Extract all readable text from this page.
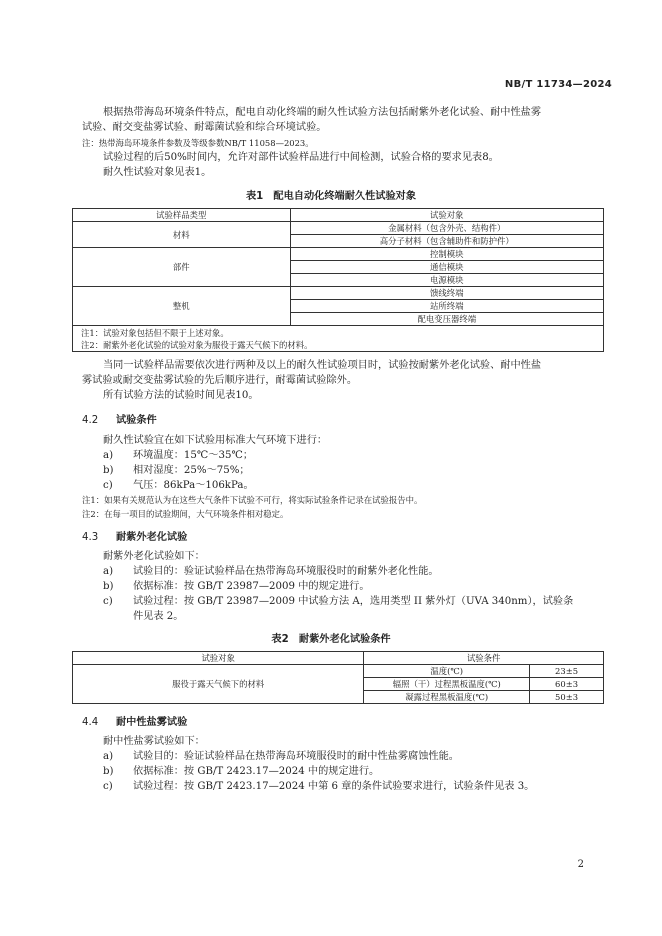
NB/T 11734—2024
根据热带海岛环境条件特点，配电自动化终端的耐久性试验方法包括耐紫外老化试验、耐中性盐雾
试验、耐交变盐雾试验、耐霉菌试验和综合环境试验。
注：热带海岛环境条件参数及等级参数NB/T 11058—2023。
试验过程的后50%时间内，允许对部件试验样品进行中间检测，试验合格的要求见表8。
耐久性试验对象见表1。
表1　配电自动化终端耐久性试验对象
试验样品类型	试验对象
材料	金属材料（包含外壳、结构件）
	高分子材料（包含辅助件和防护件）
部件	控制模块
	通信模块
	电源模块
整机	馈线终端
	站所终端
	配电变压器终端

注1：试验对象包括但不限于上述对象。
注2：耐紫外老化试验的试验对象为服役于露天气候下的材料。	
当同一试验样品需要依次进行两种及以上的耐久性试验项目时，试验按耐紫外老化试验、耐中性盐
雾试验或耐交变盐雾试验的先后顺序进行，耐霉菌试验除外。
所有试验方法的试验时间见表10。
4.2 试验条件
耐久性试验宜在如下试验用标准大气环境下进行：
a) 环境温度：15℃～35℃；
b) 相对湿度：25%～75%；
c) 气压：86kPa～106kPa。
注1：如果有关规范认为在这些大气条件下试验不可行，将实际试验条件记录在试验报告中。
注2：在每一项目的试验期间，大气环境条件相对稳定。
4.3 耐紫外老化试验
耐紫外老化试验如下：
a) 试验目的：验证试验样品在热带海岛环境服役时的耐紫外老化性能。
b) 依据标准：按 GB/T 23987—2009 中的规定进行。
c) 试验过程：按 GB/T 23987—2009 中试验方法 A，选用类型 II 紫外灯（UVA 340nm），试验条
件见表 2。
表2　耐紫外老化试验条件
试验对象	试验条件	
服役于露天气候下的材料	温度(℃)	23±5
	辐照（干）过程黑板温度(℃)	60±3
	凝露过程黑板温度(℃)	50±3
4.4 耐中性盐雾试验
耐中性盐雾试验如下：
a) 试验目的：验证试验样品在热带海岛环境服役时的耐中性盐雾腐蚀性能。
b) 依据标准：按 GB/T 2423.17—2024 中的规定进行。
c) 试验过程：按 GB/T 2423.17—2024 中第 6 章的条件试验要求进行，试验条件见表 3。
2
